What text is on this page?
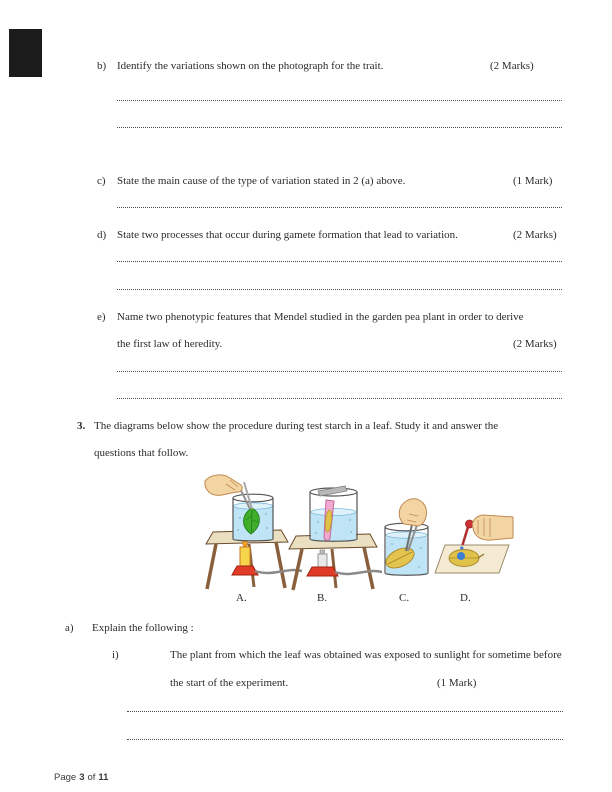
b) Identify the variations shown on the photograph for the trait.	(2 Marks)
c) State the main cause of the type of variation stated in 2 (a) above.	(1 Mark)
d) State two processes that occur during gamete formation that lead to variation.	(2 Marks)
e) Name two phenotypic features that Mendel studied in the garden pea plant in order to derive
the first law of heredity.	(2 Marks)
3. The diagrams below show the procedure during test starch in a leaf. Study it and answer the
questions that follow.
A.	B.	C.	D.
a) Explain the following :
i)	The plant from which the leaf was obtained was exposed to sunlight for sometime before
the start of the experiment.	(1 Mark)
Page 3 of 11
